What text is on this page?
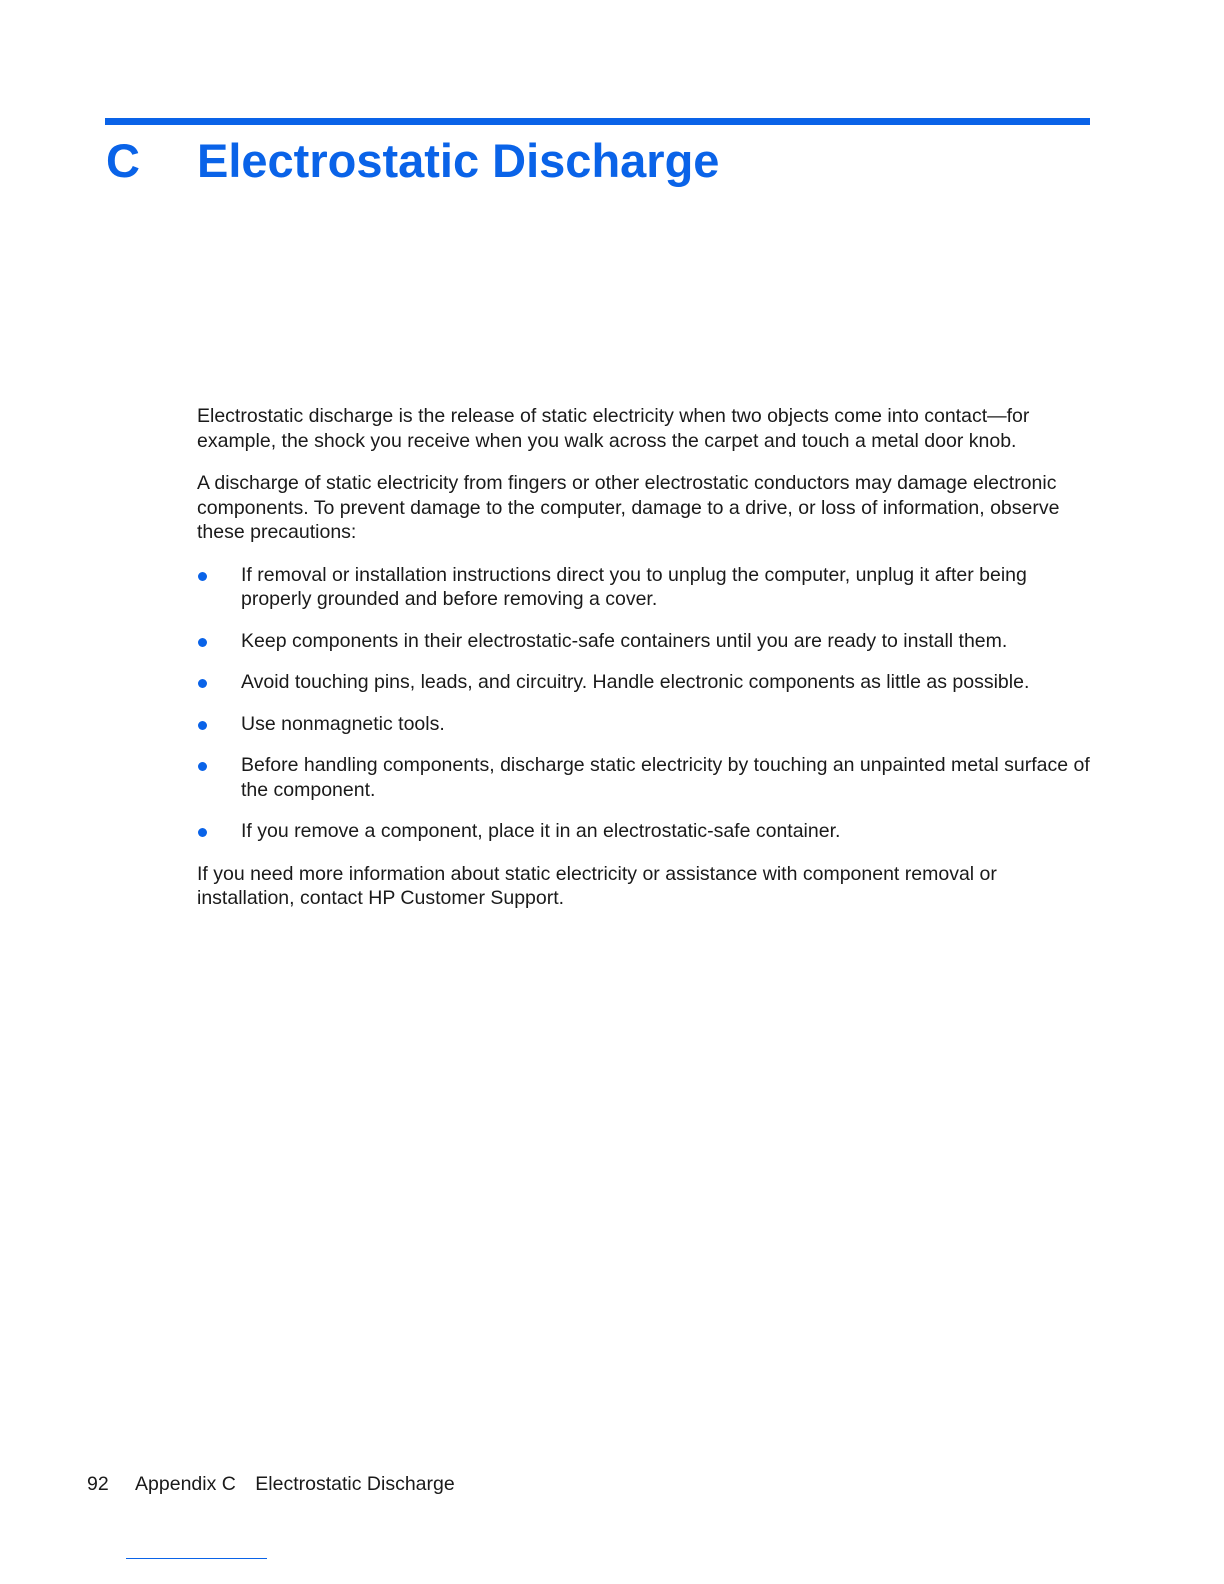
C Electrostatic Discharge

Electrostatic discharge is the release of static electricity when two objects come into contact—for example, the shock you receive when you walk across the carpet and touch a metal door knob.

A discharge of static electricity from fingers or other electrostatic conductors may damage electronic components. To prevent damage to the computer, damage to a drive, or loss of information, observe these precautions:

If removal or installation instructions direct you to unplug the computer, unplug it after being properly grounded and before removing a cover.
Keep components in their electrostatic-safe containers until you are ready to install them.
Avoid touching pins, leads, and circuitry. Handle electronic components as little as possible.
Use nonmagnetic tools.
Before handling components, discharge static electricity by touching an unpainted metal surface of the component.
If you remove a component, place it in an electrostatic-safe container.

If you need more information about static electricity or assistance with component removal or installation, contact HP Customer Support.

92 Appendix C Electrostatic Discharge
